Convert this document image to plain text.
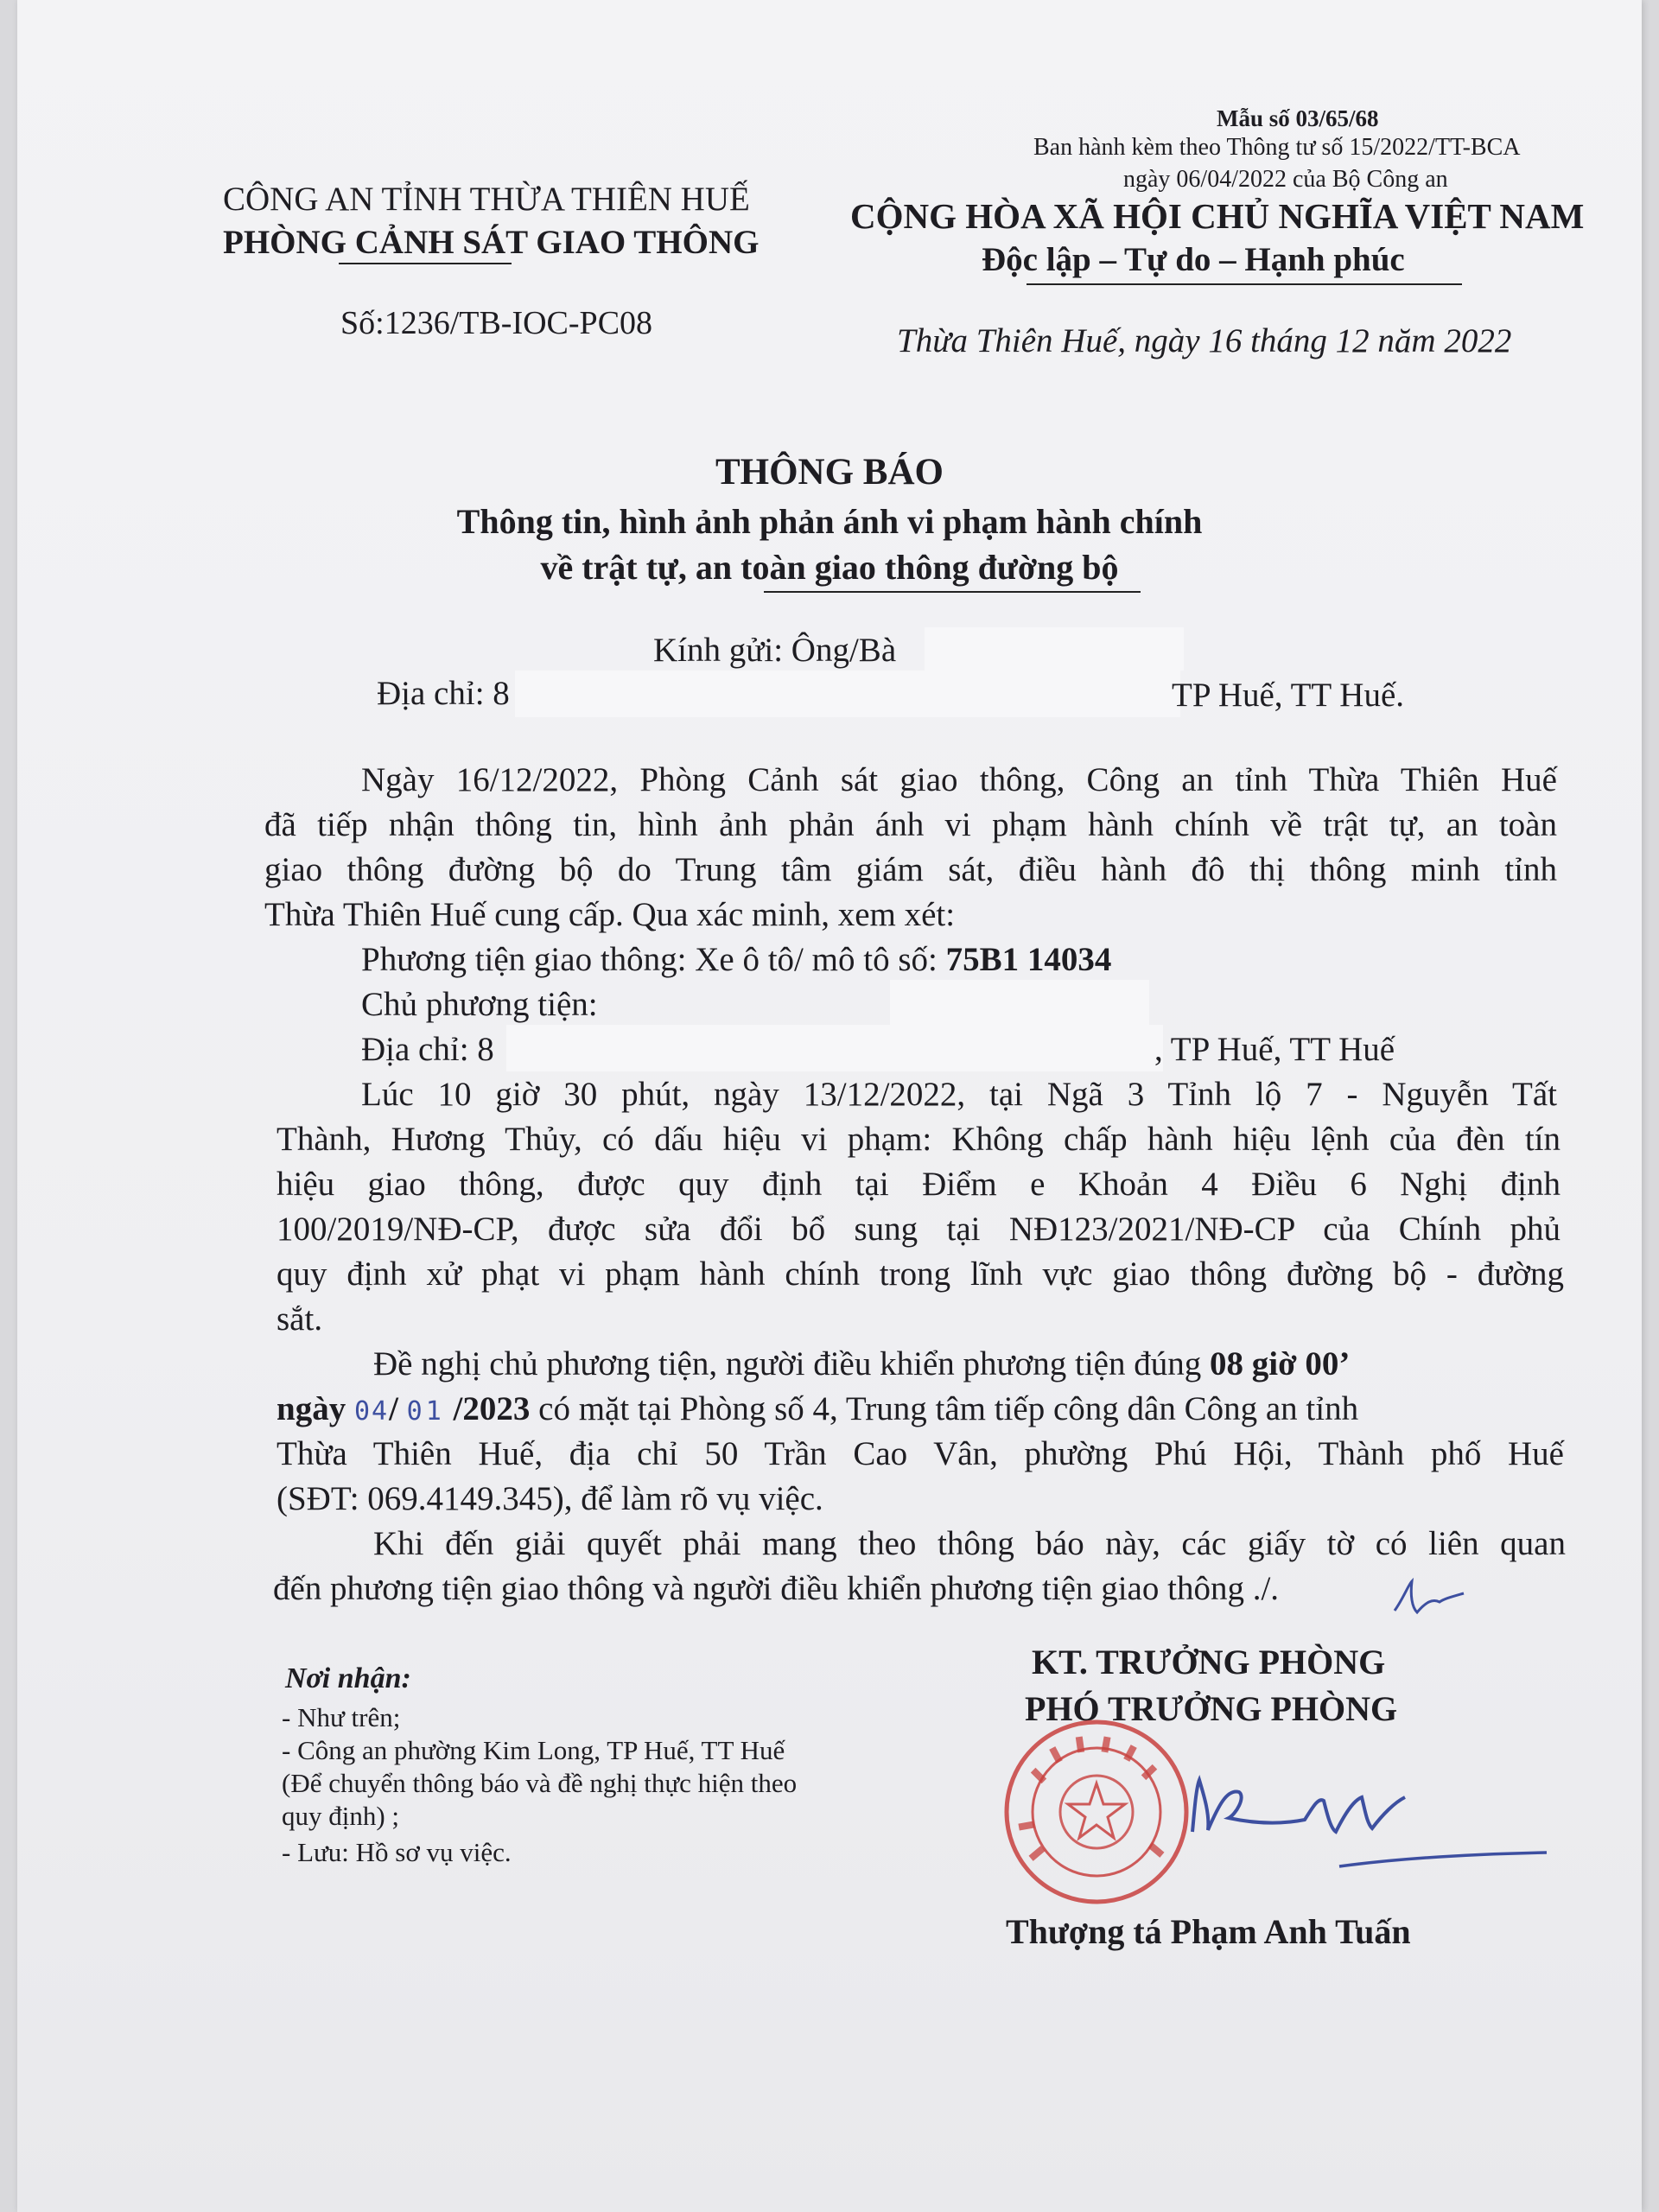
CÔNG AN TỈNH THỪA THIÊN HUẾ
PHÒNG CẢNH SÁT GIAO THÔNG
Số:1236/TB-IOC-PC08
Mẫu số 03/65/68
Ban hành kèm theo Thông tư số 15/2022/TT-BCA
ngày 06/04/2022 của Bộ Công an
CỘNG HÒA XÃ HỘI CHỦ NGHĨA VIỆT NAM
Độc lập – Tự do – Hạnh phúc
Thừa Thiên Huế, ngày 16 tháng 12 năm 2022
THÔNG BÁO
Thông tin, hình ảnh phản ánh vi phạm hành chính
về trật tự, an toàn giao thông đường bộ
Kính gửi: Ông/Bà
Địa chỉ: 8	TP Huế, TT Huế.
Ngày 16/12/2022, Phòng Cảnh sát giao thông, Công an tỉnh Thừa Thiên Huế
đã tiếp nhận thông tin, hình ảnh phản ánh vi phạm hành chính về trật tự, an toàn
giao thông đường bộ do Trung tâm giám sát, điều hành đô thị thông minh tỉnh
Thừa Thiên Huế cung cấp. Qua xác minh, xem xét:
Phương tiện giao thông: Xe ô tô/ mô tô số: 75B1 14034
Chủ phương tiện:
Địa chỉ: 8	, TP Huế, TT Huế
Lúc 10 giờ 30 phút, ngày 13/12/2022, tại Ngã 3 Tỉnh lộ 7 - Nguyễn Tất
Thành, Hương Thủy, có dấu hiệu vi phạm: Không chấp hành hiệu lệnh của đèn tín
hiệu giao thông, được quy định tại Điểm e Khoản 4 Điều 6 Nghị định
100/2019/NĐ-CP, được sửa đổi bổ sung tại NĐ123/2021/NĐ-CP của Chính phủ
quy định xử phạt vi phạm hành chính trong lĩnh vực giao thông đường bộ - đường
sắt.
Đề nghị chủ phương tiện, người điều khiển phương tiện đúng 08 giờ 00’
ngày 04/ 01 /2023 có mặt tại Phòng số 4, Trung tâm tiếp công dân Công an tỉnh
Thừa Thiên Huế, địa chỉ 50 Trần Cao Vân, phường Phú Hội, Thành phố Huế
(SĐT: 069.4149.345), để làm rõ vụ việc.
Khi đến giải quyết phải mang theo thông báo này, các giấy tờ có liên quan
đến phương tiện giao thông và người điều khiển phương tiện giao thông ./.
Nơi nhận:
- Như trên;
- Công an phường Kim Long, TP Huế, TT Huế
(Để chuyển thông báo và đề nghị thực hiện theo
quy định) ;
- Lưu: Hồ sơ vụ việc.
KT. TRƯỞNG PHÒNG
PHÓ TRƯỞNG PHÒNG
Thượng tá Phạm Anh Tuấn
